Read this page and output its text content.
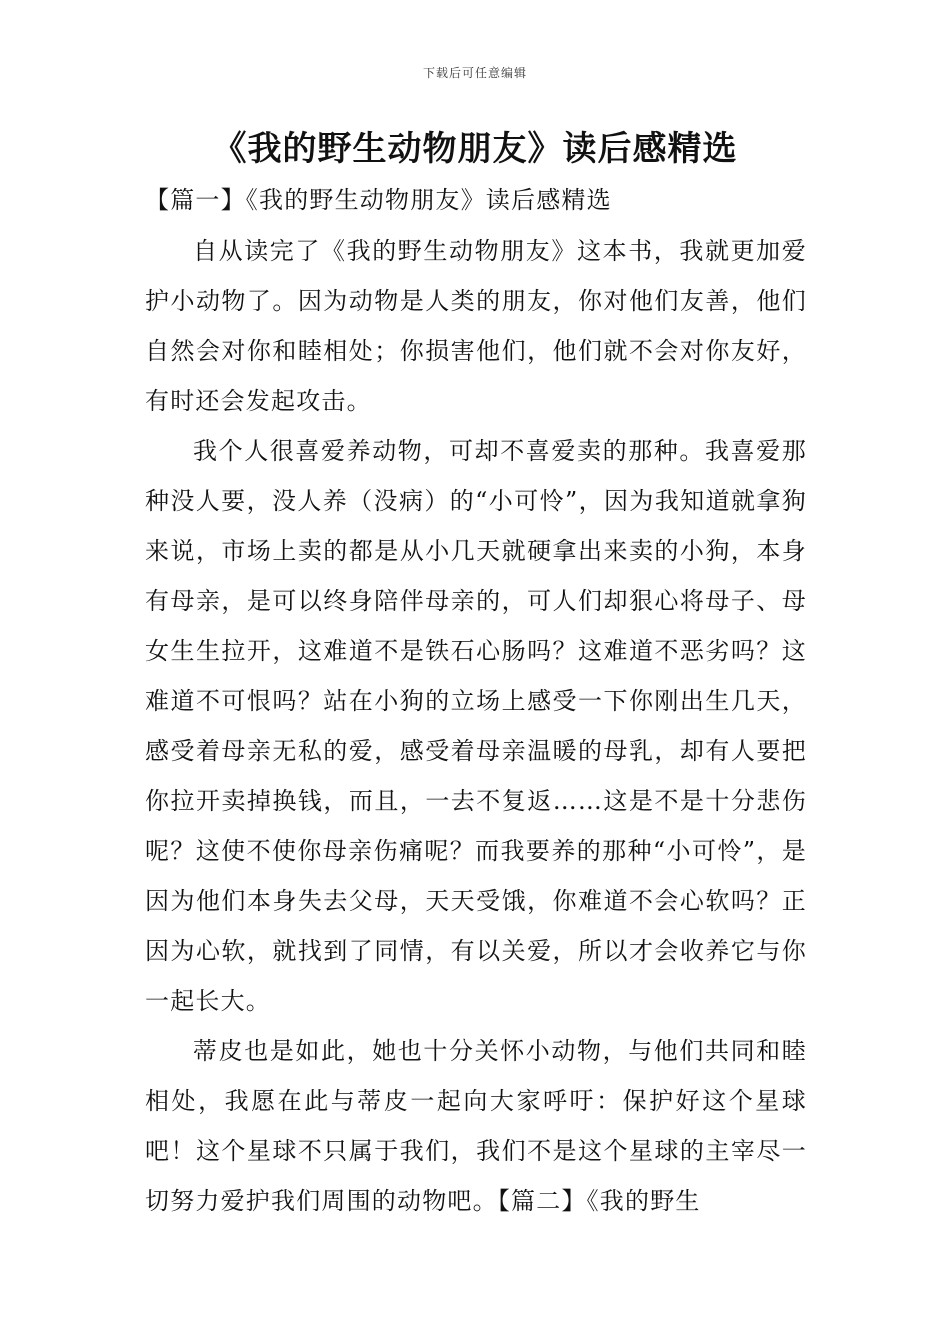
下载后可任意编辑
《我的野生动物朋友》读后感精选
【篇一】《我的野生动物朋友》读后感精选

自从读完了《我的野生动物朋友》这本书，我就更加爱护小动物了。因为动物是人类的朋友，你对他们友善，他们自然会对你和睦相处；你损害他们，他们就不会对你友好，有时还会发起攻击。

我个人很喜爱养动物，可却不喜爱卖的那种。我喜爱那种没人要，没人养（没病）的“小可怜”，因为我知道就拿狗来说，市场上卖的都是从小几天就硬拿出来卖的小狗，本身有母亲，是可以终身陪伴母亲的，可人们却狠心将母子、母女生生拉开，这难道不是铁石心肠吗？这难道不恶劣吗？这难道不可恨吗？站在小狗的立场上感受一下你刚出生几天，感受着母亲无私的爱，感受着母亲温暖的母乳，却有人要把你拉开卖掉换钱，而且，一去不复返……这是不是十分悲伤呢？这使不使你母亲伤痛呢？而我要养的那种“小可怜”，是因为他们本身失去父母，天天受饿，你难道不会心软吗？正因为心软，就找到了同情，有以关爱，所以才会收养它与你一起长大。

蒂皮也是如此，她也十分关怀小动物，与他们共同和睦相处，我愿在此与蒂皮一起向大家呼吁：保护好这个星球吧！这个星球不只属于我们，我们不是这个星球的主宰尽一切努力爱护我们周围的动物吧。【篇二】《我的野生
